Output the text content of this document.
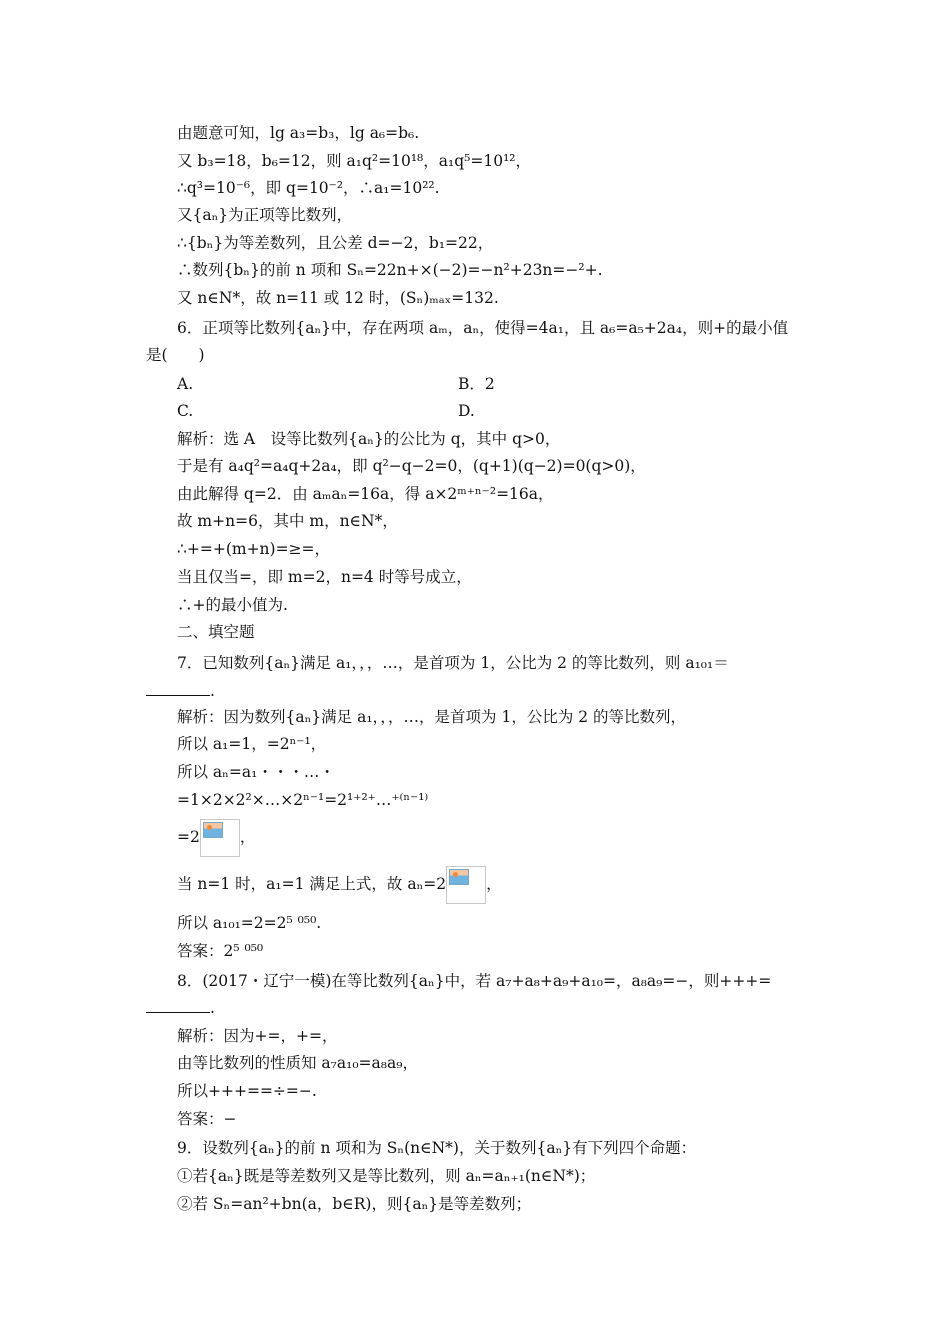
由题意可知，lg a₃=b₃，lg a₆=b₆.
又 b₃=18，b₆=12，则 a₁q²=10¹⁸，a₁q⁵=10¹²，
∴q³=10⁻⁶，即 q=10⁻²，∴a₁=10²².
又{aₙ}为正项等比数列，
∴{bₙ}为等差数列，且公差 d=−2，b₁=22，
∴数列{bₙ}的前 n 项和 Sₙ=22n+×(−2)=−n²+23n=−²+.
又 n∈N*，故 n=11 或 12 时，(Sₙ)ₘₐₓ=132.
6．正项等比数列{aₙ}中，存在两项 aₘ，aₙ，使得=4a₁，且 a₆=a₅+2a₄，则+的最小值
是(　　)
A.	B．2
C.	D.
解析：选 A　设等比数列{aₙ}的公比为 q，其中 q>0，
于是有 a₄q²=a₄q+2a₄，即 q²−q−2=0，(q+1)(q−2)=0(q>0)，
由此解得 q=2．由 aₘaₙ=16a，得 a×2ᵐ⁺ⁿ⁻²=16a，
故 m+n=6，其中 m，n∈N*，
∴+=+(m+n)=≥=，
当且仅当=，即 m=2，n=4 时等号成立，
∴+的最小值为.
二、填空题
7．已知数列{aₙ}满足 a₁，，，…，是首项为 1，公比为 2 的等比数列，则 a₁₀₁＝
.
解析：因为数列{aₙ}满足 a₁，，，…，是首项为 1，公比为 2 的等比数列，
所以 a₁=1，=2ⁿ⁻¹，
所以 aₙ=a₁・・・…・
=1×2×2²×…×2ⁿ⁻¹=2¹⁺²⁺…⁺⁽ⁿ⁻¹⁾
=2	，
当 n=1 时，a₁=1 满足上式，故 aₙ=2	，
所以 a₁₀₁=2=2⁵ ⁰⁵⁰.
答案：2⁵ ⁰⁵⁰
8．(2017・辽宁一模)在等比数列{aₙ}中，若 a₇+a₈+a₉+a₁₀=，a₈a₉=−，则+++=
.
解析：因为+=，+=，
由等比数列的性质知 a₇a₁₀=a₈a₉，
所以+++==÷=−.
答案：−
9．设数列{aₙ}的前 n 项和为 Sₙ(n∈N*)，关于数列{aₙ}有下列四个命题：
①若{aₙ}既是等差数列又是等比数列，则 aₙ=aₙ₊₁(n∈N*)；
②若 Sₙ=an²+bn(a，b∈R)，则{aₙ}是等差数列；
